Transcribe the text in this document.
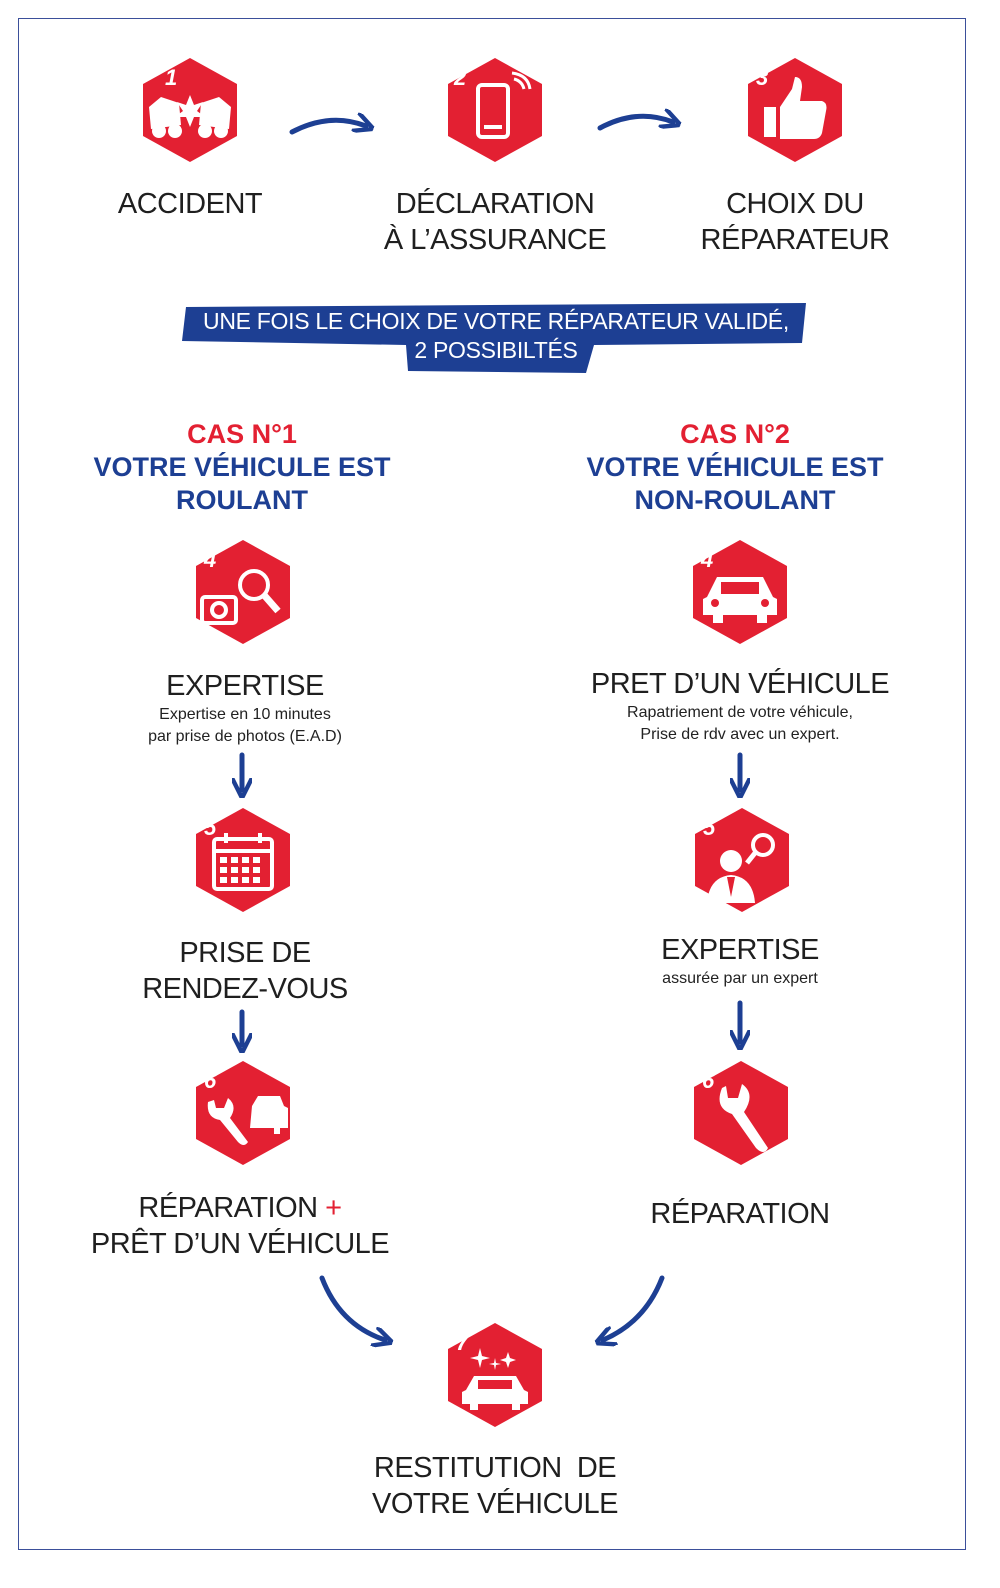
UNE FOIS LE CHOIX DE VOTRE RÉPARATEUR VALIDÉ,
2 POSSIBILTÉS
1
ACCIDENT
2
DÉCLARATION
À L’ASSURANCE
3
CHOIX DU
RÉPARATEUR
CAS N°1
VOTRE VÉHICULE EST
ROULANT
CAS N°2
VOTRE VÉHICULE EST
NON-ROULANT
4
EXPERTISE
Expertise en 10 minutes
par prise de photos (E.A.D)
5
PRISE DE
RENDEZ-VOUS
6
RÉPARATION +
PRÊT D’UN VÉHICULE
4
PRET D’UN VÉHICULE
Rapatriement de votre véhicule,
Prise de rdv avec un expert.
5
EXPERTISE
assurée par un expert
6
RÉPARATION
7
RESTITUTION  DE
VOTRE VÉHICULE
